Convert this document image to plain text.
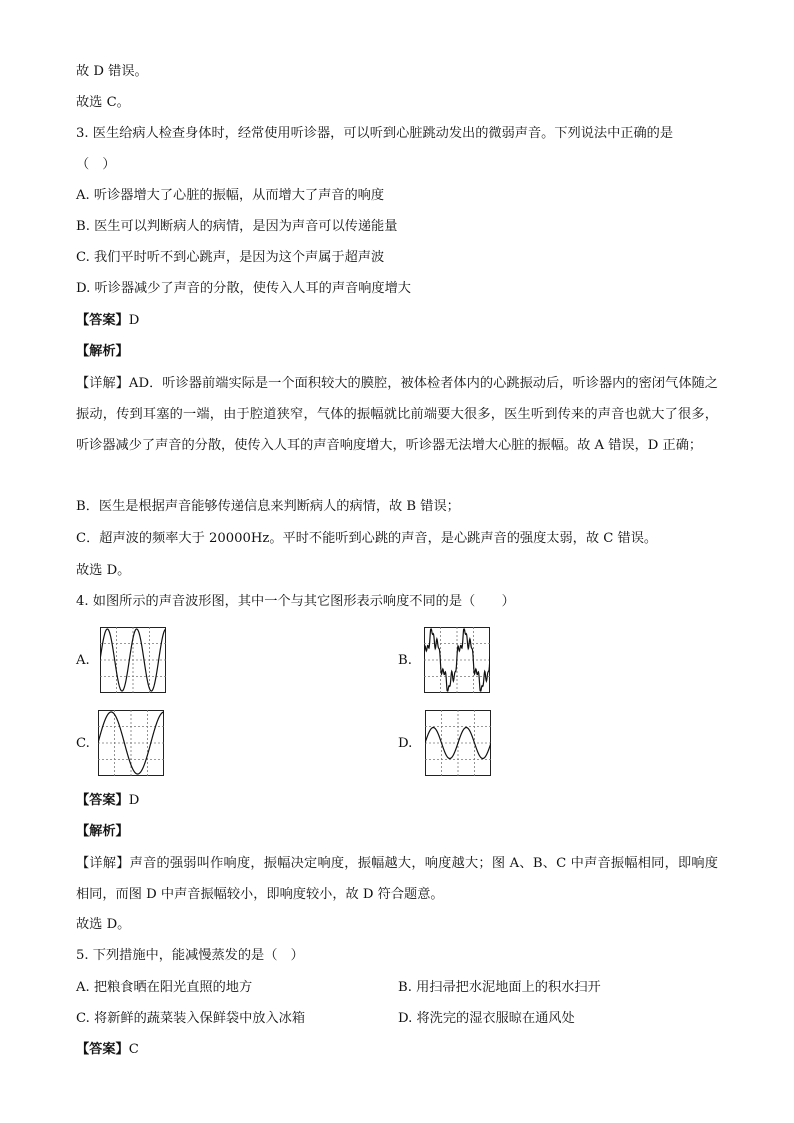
故 D 错误。
故选 C。
3. 医生给病人检查身体时，经常使用听诊器，可以听到心脏跳动发出的微弱声音。下列说法中正确的是
（　）
A. 听诊器增大了心脏的振幅，从而增大了声音的响度
B. 医生可以判断病人的病情，是因为声音可以传递能量
C. 我们平时听不到心跳声，是因为这个声属于超声波
D. 听诊器减少了声音的分散，使传入人耳的声音响度增大
【答案】D
【解析】
【详解】AD．听诊器前端实际是一个面积较大的膜腔，被体检者体内的心跳振动后，听诊器内的密闭气体随之振动，传到耳塞的一端，由于腔道狭窄，气体的振幅就比前端要大很多，医生听到传来的声音也就大了很多，听诊器减少了声音的分散，使传入人耳的声音响度增大，听诊器无法增大心脏的振幅。故 A 错误，D 正确；
B．医生是根据声音能够传递信息来判断病人的病情，故 B 错误；
C．超声波的频率大于 20000Hz。平时不能听到心跳的声音，是心跳声音的强度太弱，故 C 错误。
故选 D。
4. 如图所示的声音波形图，其中一个与其它图形表示响度不同的是（　　）
A.	B.
C.	D.
【答案】D
【解析】
【详解】声音的强弱叫作响度，振幅决定响度，振幅越大，响度越大；图 A、B、C 中声音振幅相同，即响度相同，而图 D 中声音振幅较小，即响度较小，故 D 符合题意。
故选 D。
5. 下列措施中，能减慢蒸发的是（　）
A. 把粮食晒在阳光直照的地方	B. 用扫帚把水泥地面上的积水扫开
C. 将新鲜的蔬菜装入保鲜袋中放入冰箱	D. 将洗完的湿衣服晾在通风处
【答案】C
